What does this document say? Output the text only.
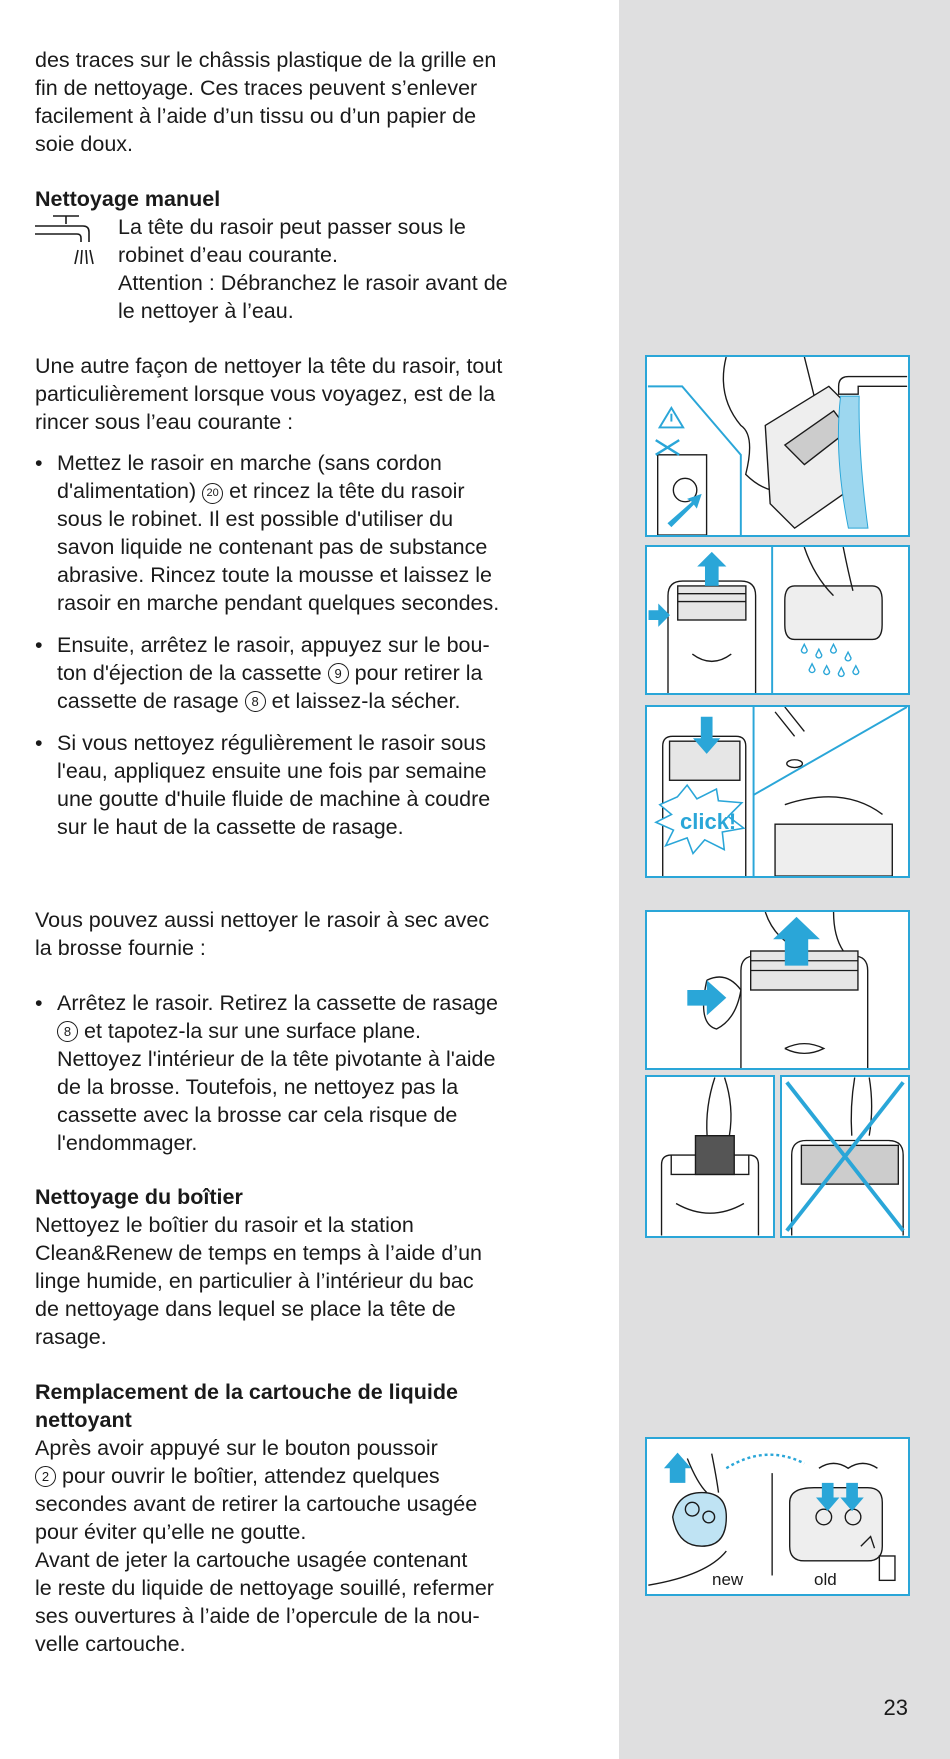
des traces sur le châssis plastique de la grille en

fin de nettoyage. Ces traces peuvent s’enlever

facilement à l’aide d’un tissu ou d’un papier de

soie doux.

Nettoyage manuel

La tête du rasoir peut passer sous le

robinet d’eau courante.

Attention : Débranchez le rasoir avant de

le nettoyer à l’eau.

Une autre façon de nettoyer la tête du rasoir, tout

particulièrement lorsque vous voyagez, est de la

rincer sous l’eau courante :

• Mettez le rasoir en marche (sans cordon

d'alimentation) 20 et rincez la tête du rasoir

sous le robinet. Il est possible d'utiliser du

savon liquide ne contenant pas de substance

abrasive. Rincez toute la mousse et laissez le

rasoir en marche pendant quelques secondes.

• Ensuite, arrêtez le rasoir, appuyez sur le bou-

ton d'éjection de la cassette 9 pour retirer la

cassette de rasage 8 et laissez-la sécher.

• Si vous nettoyez régulièrement le rasoir sous

l'eau, appliquez ensuite une fois par semaine

une goutte d'huile fluide de machine à coudre

sur le haut de la cassette de rasage.

Vous pouvez aussi nettoyer le rasoir à sec avec

la brosse fournie :

• Arrêtez le rasoir. Retirez la cassette de rasage

8 et tapotez-la sur une surface plane.

Nettoyez l'intérieur de la tête pivotante à l'aide

de la brosse. Toutefois, ne nettoyez pas la

cassette avec la brosse car cela risque de

l'endommager.

Nettoyage du boîtier

Nettoyez le boîtier du rasoir et la station

Clean&Renew de temps en temps à l’aide d’un

linge humide, en particulier à l’intérieur du bac

de nettoyage dans lequel se place la tête de

rasage.

Remplacement de la cartouche de liquide

nettoyant

Après avoir appuyé sur le bouton poussoir

2 pour ouvrir le boîtier, attendez quelques

secondes avant de retirer la cartouche usagée

pour éviter qu’elle ne goutte.

Avant de jeter la cartouche usagée contenant

le reste du liquide de nettoyage souillé, refermer

ses ouvertures à l’aide de l’opercule de la nou-

velle cartouche.

click!
new	old
23
